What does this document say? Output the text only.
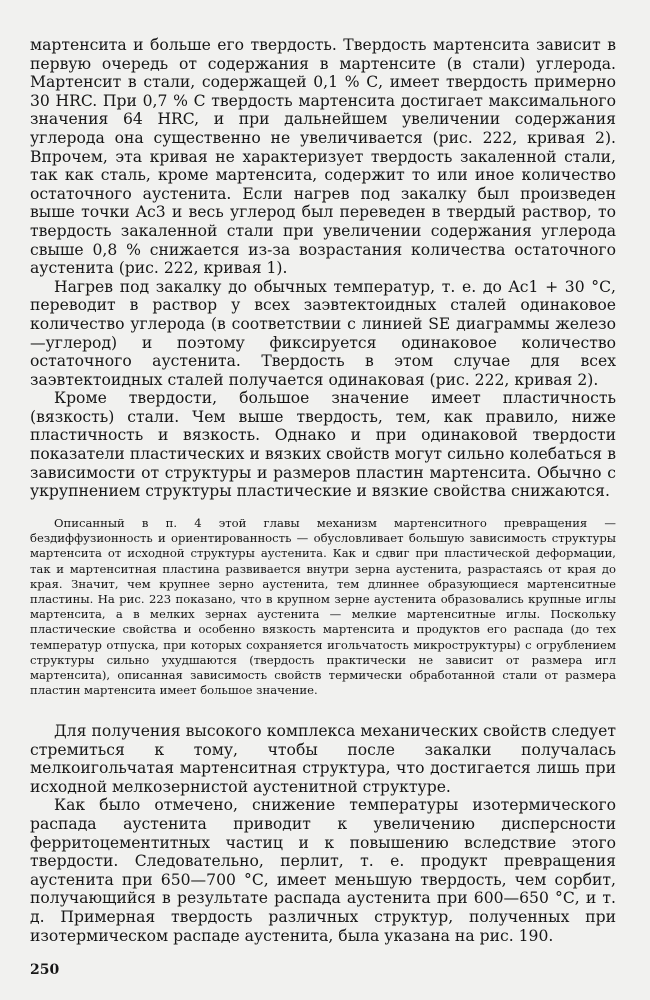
мартенсита и больше его твердость. Твердость мартенсита зависит в первую очередь от содержания в мартенсите (в стали) углерода. Мартенсит в стали, содержащей 0,1 % С, имеет твердость примерно 30 HRC. При 0,7 % С твердость мартенсита достигает максимального значения 64 HRC, и при дальнейшем увеличении содержания углерода она существенно не увеличивается (рис. 222, кривая 2). Впрочем, эта кривая не характеризует твердость закаленной стали, так как сталь, кроме мартенсита, содержит то или иное количество остаточного аустенита. Если нагрев под закалку был произведен выше точки Ac3 и весь углерод был переведен в твердый раствор, то твердость закаленной стали при увеличении содержания углерода свыше 0,8 % снижается из-за возрастания количества остаточного аустенита (рис. 222, кривая 1).

Нагрев под закалку до обычных температур, т. е. до Ac1 + 30 °С, переводит в раствор у всех заэвтектоидных сталей одинаковое количество углерода (в соответствии с линией SE диаграммы железо—углерод) и поэтому фиксируется одинаковое количество остаточного аустенита. Твердость в этом случае для всех заэвтектоидных сталей получается одинаковая (рис. 222, кривая 2).

Кроме твердости, большое значение имеет пластичность (вязкость) стали. Чем выше твердость, тем, как правило, ниже пластичность и вязкость. Однако и при одинаковой твердости показатели пластических и вязких свойств могут сильно колебаться в зависимости от структуры и размеров пластин мартенсита. Обычно с укрупнением структуры пластические и вязкие свойства снижаются.

Описанный в п. 4 этой главы механизм мартенситного превращения — бездиффузионность и ориентированность — обусловливает большую зависимость структуры мартенсита от исходной структуры аустенита. Как и сдвиг при пластической деформации, так и мартенситная пластина развивается внутри зерна аустенита, разрастаясь от края до края. Значит, чем крупнее зерно аустенита, тем длиннее образующиеся мартенситные пластины. На рис. 223 показано, что в крупном зерне аустенита образовались крупные иглы мартенсита, а в мелких зернах аустенита — мелкие мартенситные иглы. Поскольку пластические свойства и особенно вязкость мартенсита и продуктов его распада (до тех температур отпуска, при которых сохраняется игольчатость микроструктуры) с огрублением структуры сильно ухудшаются (твердость практически не зависит от размера игл мартенсита), описанная зависимость свойств термически обработанной стали от размера пластин мартенсита имеет большое значение.

Для получения высокого комплекса механических свойств следует стремиться к тому, чтобы после закалки получалась мелкоигольчатая мартенситная структура, что достигается лишь при исходной мелкозернистой аустенитной структуре.

Как было отмечено, снижение температуры изотермического распада аустенита приводит к увеличению дисперсности ферритоцементитных частиц и к повышению вследствие этого твердости. Следовательно, перлит, т. е. продукт превращения аустенита при 650—700 °С, имеет меньшую твердость, чем сорбит, получающийся в результате распада аустенита при 600—650 °С, и т. д. Примерная твердость различных структур, полученных при изотермическом распаде аустенита, была указана на рис. 190.

250
